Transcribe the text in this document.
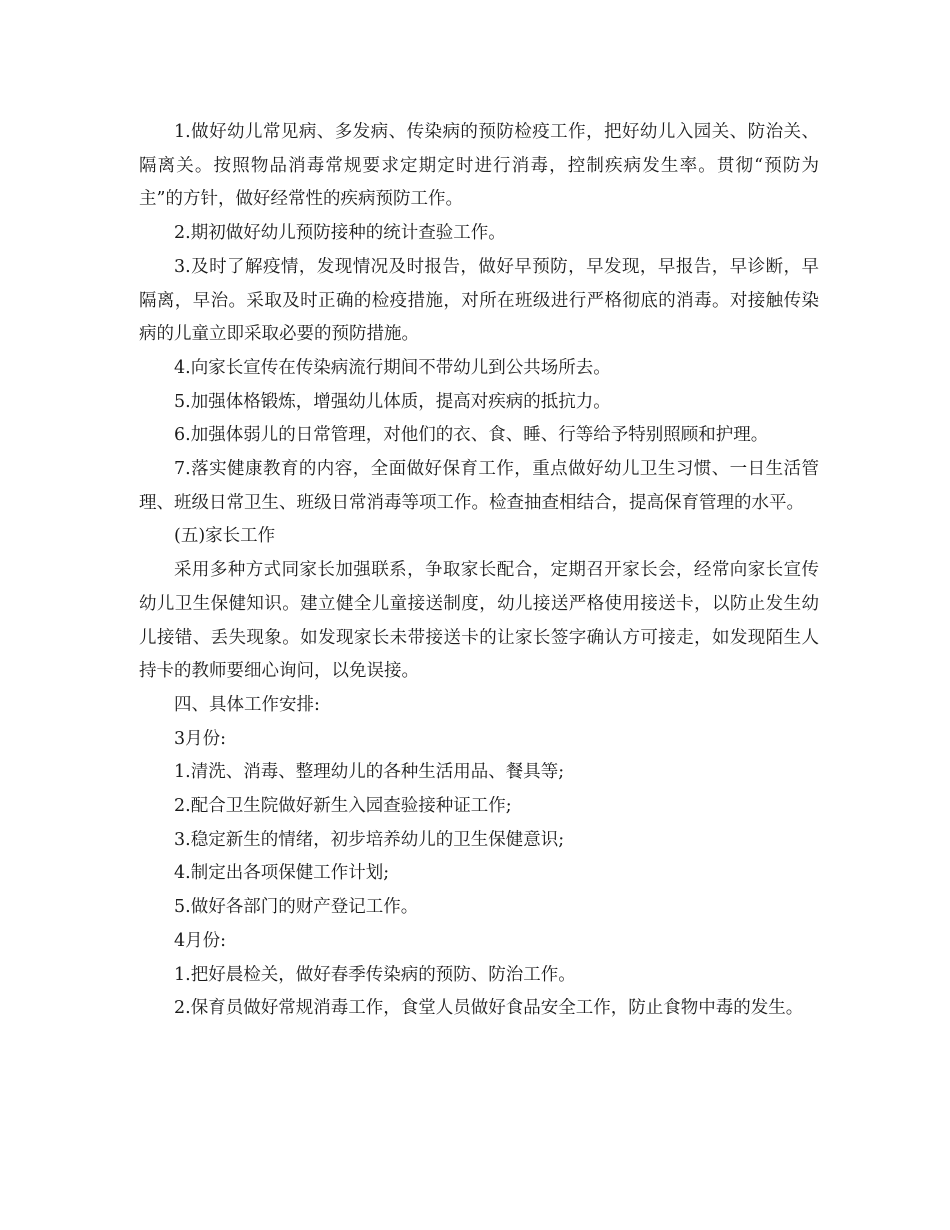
1.做好幼儿常见病、多发病、传染病的预防检疫工作，把好幼儿入园关、防治关、隔离关。按照物品消毒常规要求定期定时进行消毒，控制疾病发生率。贯彻“预防为主”的方针，做好经常性的疾病预防工作。

2.期初做好幼儿预防接种的统计查验工作。

3.及时了解疫情，发现情况及时报告，做好早预防，早发现，早报告，早诊断，早隔离，早治。采取及时正确的检疫措施，对所在班级进行严格彻底的消毒。对接触传染病的儿童立即采取必要的预防措施。

4.向家长宣传在传染病流行期间不带幼儿到公共场所去。

5.加强体格锻炼，增强幼儿体质，提高对疾病的抵抗力。

6.加强体弱儿的日常管理，对他们的衣、食、睡、行等给予特别照顾和护理。

7.落实健康教育的内容，全面做好保育工作，重点做好幼儿卫生习惯、一日生活管理、班级日常卫生、班级日常消毒等项工作。检查抽查相结合，提高保育管理的水平。

(五)家长工作

采用多种方式同家长加强联系，争取家长配合，定期召开家长会，经常向家长宣传幼儿卫生保健知识。建立健全儿童接送制度，幼儿接送严格使用接送卡，以防止发生幼儿接错、丢失现象。如发现家长未带接送卡的让家长签字确认方可接走，如发现陌生人持卡的教师要细心询问，以免误接。

四、具体工作安排:

3月份:

1.清洗、消毒、整理幼儿的各种生活用品、餐具等;

2.配合卫生院做好新生入园查验接种证工作;

3.稳定新生的情绪，初步培养幼儿的卫生保健意识;

4.制定出各项保健工作计划;

5.做好各部门的财产登记工作。

4月份:

1.把好晨检关，做好春季传染病的预防、防治工作。

2.保育员做好常规消毒工作，食堂人员做好食品安全工作，防止食物中毒的发生。
